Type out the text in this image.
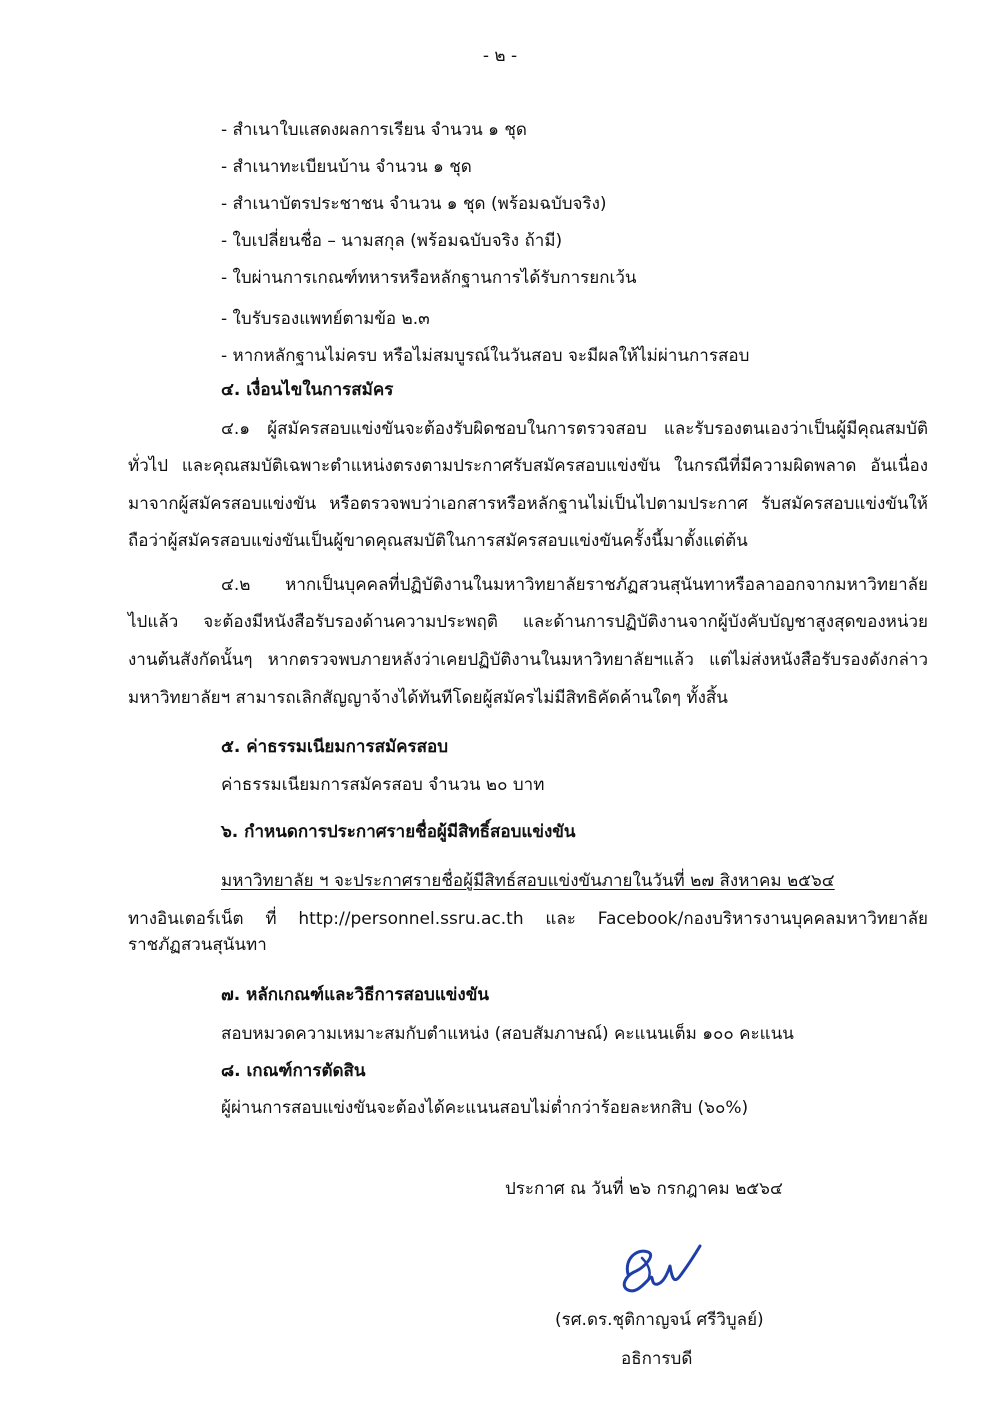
- ๒ -
- สำเนาใบแสดงผลการเรียน จำนวน ๑ ชุด
- สำเนาทะเบียนบ้าน จำนวน ๑ ชุด
- สำเนาบัตรประชาชน จำนวน ๑ ชุด (พร้อมฉบับจริง)
- ใบเปลี่ยนชื่อ – นามสกุล (พร้อมฉบับจริง ถ้ามี)
- ใบผ่านการเกณฑ์ทหารหรือหลักฐานการได้รับการยกเว้น
- ใบรับรองแพทย์ตามข้อ ๒.๓
- หากหลักฐานไม่ครบ หรือไม่สมบูรณ์ในวันสอบ จะมีผลให้ไม่ผ่านการสอบ
๔. เงื่อนไขในการสมัคร
๔.๑ ผู้สมัครสอบแข่งขันจะต้องรับผิดชอบในการตรวจสอบ และรับรองตนเองว่าเป็นผู้มีคุณสมบัติ
ทั่วไป และคุณสมบัติเฉพาะตำแหน่งตรงตามประกาศรับสมัครสอบแข่งขัน ในกรณีที่มีความผิดพลาด อันเนื่อง
มาจากผู้สมัครสอบแข่งขัน หรือตรวจพบว่าเอกสารหรือหลักฐานไม่เป็นไปตามประกาศ รับสมัครสอบแข่งขันให้
ถือว่าผู้สมัครสอบแข่งขันเป็นผู้ขาดคุณสมบัติในการสมัครสอบแข่งขันครั้งนี้มาตั้งแต่ต้น
๔.๒ หากเป็นบุคคลที่ปฏิบัติงานในมหาวิทยาลัยราชภัฏสวนสุนันทาหรือลาออกจากมหาวิทยาลัย
ไปแล้ว จะต้องมีหนังสือรับรองด้านความประพฤติ และด้านการปฏิบัติงานจากผู้บังคับบัญชาสูงสุดของหน่วย
งานต้นสังกัดนั้นๆ หากตรวจพบภายหลังว่าเคยปฏิบัติงานในมหาวิทยาลัยฯแล้ว แต่ไม่ส่งหนังสือรับรองดังกล่าว
มหาวิทยาลัยฯ สามารถเลิกสัญญาจ้างได้ทันทีโดยผู้สมัครไม่มีสิทธิคัดค้านใดๆ ทั้งสิ้น
๕. ค่าธรรมเนียมการสมัครสอบ
ค่าธรรมเนียมการสมัครสอบ จำนวน ๒๐ บาท
๖. กำหนดการประกาศรายชื่อผู้มีสิทธิ์สอบแข่งขัน
มหาวิทยาลัย ฯ จะประกาศรายชื่อผู้มีสิทธ์สอบแข่งขันภายในวันที่ ๒๗ สิงหาคม ๒๕๖๔
ทางอินเตอร์เน็ต ที่ http://personnel.ssru.ac.th และ Facebook/กองบริหารงานบุคคลมหาวิทยาลัย
ราชภัฏสวนสุนันทา
๗. หลักเกณฑ์และวิธีการสอบแข่งขัน
สอบหมวดความเหมาะสมกับตำแหน่ง (สอบสัมภาษณ์) คะแนนเต็ม ๑๐๐ คะแนน
๘. เกณฑ์การตัดสิน
ผู้ผ่านการสอบแข่งขันจะต้องได้คะแนนสอบไม่ต่ำกว่าร้อยละหกสิบ (๖๐%)
ประกาศ ณ วันที่ ๒๖ กรกฎาคม ๒๕๖๔
(รศ.ดร.ชุติกาญจน์ ศรีวิบูลย์)
อธิการบดี
